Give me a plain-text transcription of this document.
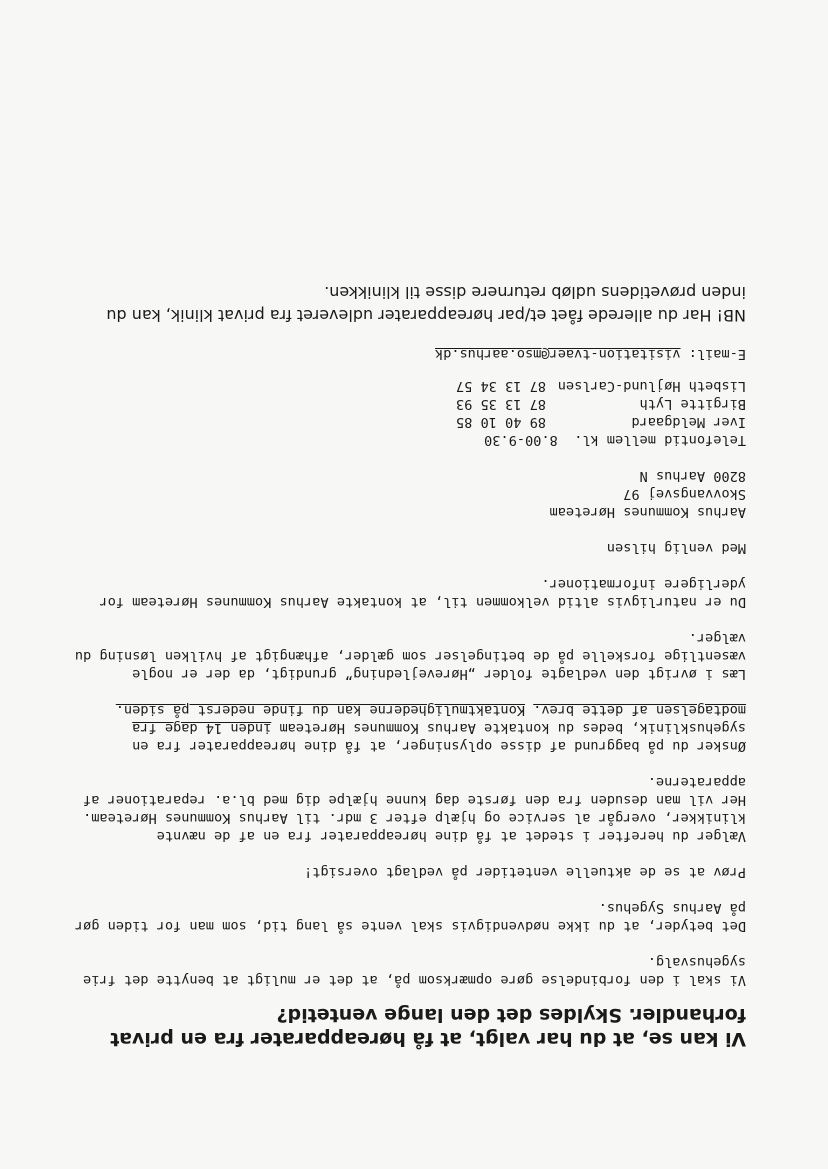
Vi kan se, at du har valgt, at få høreapparater fra en privat forhandler. Skyldes det den lange ventetid?

Vi skal i den forbindelse gøre opmærksom på, at det er muligt at benytte det frie sygehusvalg.

Det betyder, at du ikke nødvendigvis skal vente så lang tid, som man for tiden gør på Aarhus Sygehus.

Prøv at se de aktuelle ventetider på vedlagt oversigt!

Vælger du herefter i stedet at få dine høreapparater fra en af de nævnte klinikker, overgår al service og hjælp efter 3 mdr. til Aarhus Kommunes Høreteam. Her vil man desuden fra den første dag kunne hjælpe dig med bl.a. reparationer af apparaterne.

Ønsker du på baggrund af disse oplysninger, at få dine høreapparater fra en sygehusklinik, bedes du kontakte Aarhus Kommunes Høreteam inden 14 dage fra modtagelsen af dette brev. Kontaktmulighederne kan du finde nederst på siden.

Læs i øvrigt den vedlagte folder „Hørevejledning” grundigt, da der er nogle væsentlige forskelle på de betingelser som gælder, afhængigt af hvilken løsning du vælger.

Du er naturligvis altid velkommen til, at kontakte Aarhus Kommunes Høreteam for yderligere informationer.

Med venlig hilsen

Aarhus Kommunes Høreteam
Skovvangsvej 97
8200 Aarhus N
Telefontid mellem kl.  8.00-9.30
Iver Meldgaard
89 40 10 85
Birgitte Lyth
87 13 35 93
Lisbeth Højlund-Carlsen
87 13 34 57
E-mail: visitation-tvaer@mso.aarhus.dk
NB! Har du allerede fået et/par høreapparater udleveret fra privat klinik, kan du inden prøvetidens udløb returnere disse til klinikken.
